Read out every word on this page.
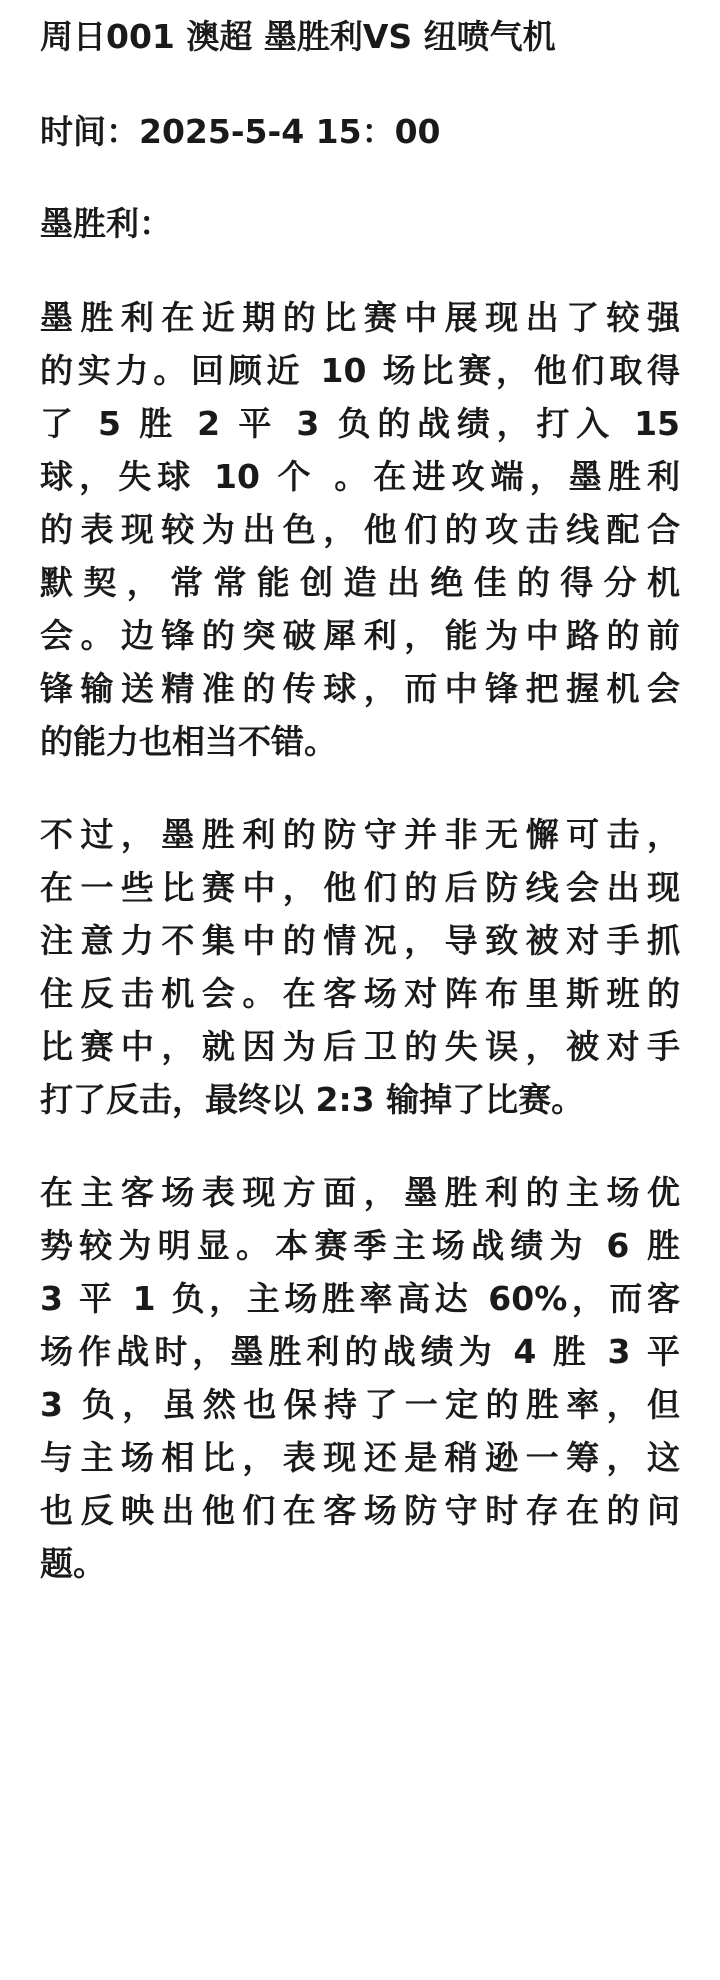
周日001 澳超 墨胜利VS 纽喷气机
时间：2025-5-4 15：00
墨胜利：
墨胜利在近期的比赛中展现出了较强
的实力。回顾近 10 场比赛，他们取得
了 5 胜 2 平 3 负的战绩，打入 15
球，失球 10 个 。在进攻端，墨胜利
的表现较为出色，他们的攻击线配合
默契，常常能创造出绝佳的得分机
会。边锋的突破犀利，能为中路的前
锋输送精准的传球，而中锋把握机会
的能力也相当不错。
不过，墨胜利的防守并非无懈可击，
在一些比赛中，他们的后防线会出现
注意力不集中的情况，导致被对手抓
住反击机会。在客场对阵布里斯班的
比赛中，就因为后卫的失误，被对手
打了反击，最终以 2:3 输掉了比赛。
在主客场表现方面，墨胜利的主场优
势较为明显。本赛季主场战绩为 6 胜
3 平 1 负，主场胜率高达 60%，而客
场作战时，墨胜利的战绩为 4 胜 3 平
3 负，虽然也保持了一定的胜率，但
与主场相比，表现还是稍逊一筹，这
也反映出他们在客场防守时存在的问
题。
